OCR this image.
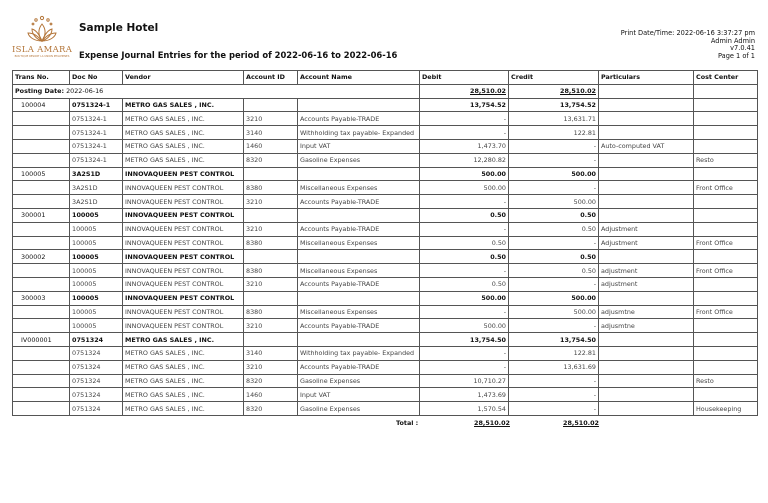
ISLA AMARA
BOUTIQUE RESORT LA UNION PHILIPPINES
Sample Hotel
Expense Journal Entries for the period of 2022-06-16 to 2022-06-16
Print Date/Time: 2022-06-16 3:37:27 pm
Admin Admin
v7.0.41
Page 1 of 1
Trans No.	Doc No	Vendor	Account ID	Account Name	Debit	Credit	Particulars	Cost Center
Posting Date: 2022-06-16					28,510.02	28,510.02		
100004	0751324-1	METRO GAS SALES , INC.			13,754.52	13,754.52		
	0751324-1	METRO GAS SALES , INC.	3210	Accounts Payable-TRADE	-	13,631.71		
	0751324-1	METRO GAS SALES , INC.	3140	Withholding tax payable- Expanded	-	122.81		
	0751324-1	METRO GAS SALES , INC.	1460	Input VAT	1,473.70	-	Auto-computed VAT	
	0751324-1	METRO GAS SALES , INC.	8320	Gasoline Expenses	12,280.82	-		Resto
100005	3A2S1D	INNOVAQUEEN PEST CONTROL			500.00	500.00		
	3A2S1D	INNOVAQUEEN PEST CONTROL	8380	Miscellaneous Expenses	500.00	-		Front Office
	3A2S1D	INNOVAQUEEN PEST CONTROL	3210	Accounts Payable-TRADE	-	500.00		
300001	100005	INNOVAQUEEN PEST CONTROL			0.50	0.50		
	100005	INNOVAQUEEN PEST CONTROL	3210	Accounts Payable-TRADE	-	0.50	Adjustment	
	100005	INNOVAQUEEN PEST CONTROL	8380	Miscellaneous Expenses	0.50	-	Adjustment	Front Office
300002	100005	INNOVAQUEEN PEST CONTROL			0.50	0.50		
	100005	INNOVAQUEEN PEST CONTROL	8380	Miscellaneous Expenses	-	0.50	adjustment	Front Office
	100005	INNOVAQUEEN PEST CONTROL	3210	Accounts Payable-TRADE	0.50	-	adjustment	
300003	100005	INNOVAQUEEN PEST CONTROL			500.00	500.00		
	100005	INNOVAQUEEN PEST CONTROL	8380	Miscellaneous Expenses	-	500.00	adjusmtne	Front Office
	100005	INNOVAQUEEN PEST CONTROL	3210	Accounts Payable-TRADE	500.00	-	adjusmtne	
IV000001	0751324	METRO GAS SALES , INC.			13,754.50	13,754.50		
	0751324	METRO GAS SALES , INC.	3140	Withholding tax payable- Expanded	-	122.81		
	0751324	METRO GAS SALES , INC.	3210	Accounts Payable-TRADE	-	13,631.69		
	0751324	METRO GAS SALES , INC.	8320	Gasoline Expenses	10,710.27	-		Resto
	0751324	METRO GAS SALES , INC.	1460	Input VAT	1,473.69	-		
	0751324	METRO GAS SALES , INC.	8320	Gasoline Expenses	1,570.54	-		Housekeeping
Total :	28,510.02	28,510.02
